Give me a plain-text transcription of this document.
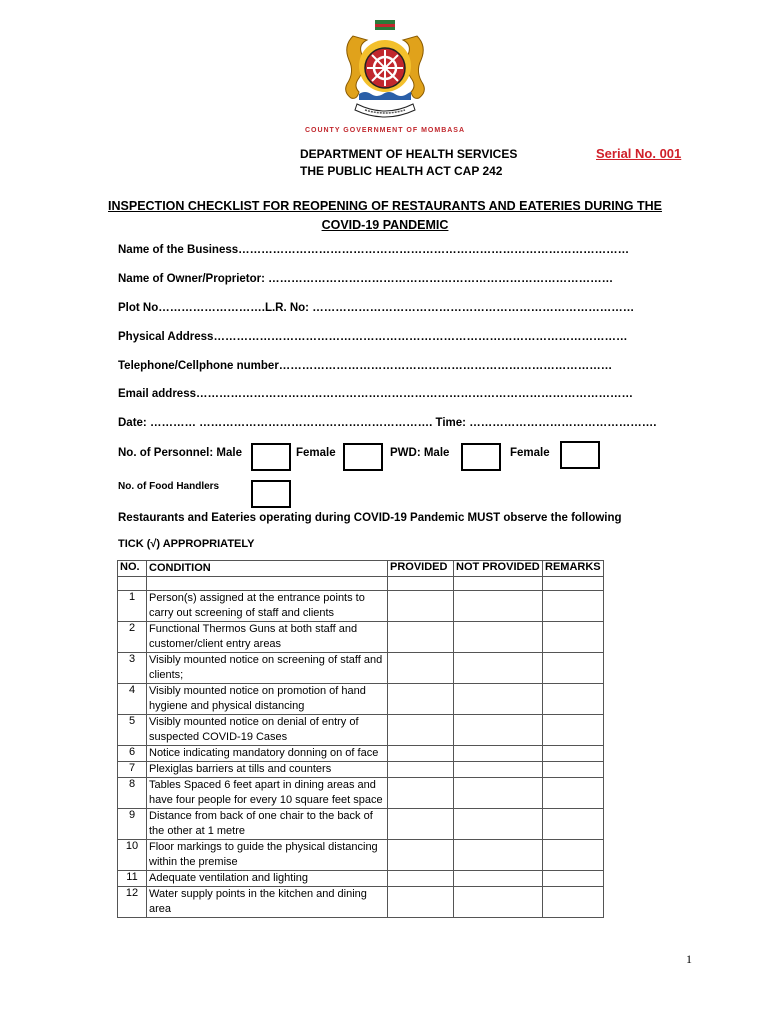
COUNTY GOVERNMENT OF MOMBASA
DEPARTMENT OF HEALTH SERVICES
THE PUBLIC HEALTH ACT CAP 242
Serial No. 001
INSPECTION CHECKLIST FOR REOPENING OF RESTAURANTS AND EATERIES DURING THE
COVID-19 PANDEMIC
Name of the Business…………………………………………………………………………………………
Name of Owner/Proprietor: ………………………………………………………………………………
Plot No……………………….L.R. No: …………………………………………………………………………
Physical Address………………………………………………………………………………………………
Telephone/Cellphone number……………………………………………………………………………
Email address……………………………………………………………………………………………………
Date: ………… ……………………………………………………. Time: ………………………………………….
No. of Personnel: Male	Female	PWD: Male	Female
No. of Food Handlers
Restaurants and Eateries operating during COVID-19 Pandemic MUST observe the following
TICK (√) APPROPRIATELY
NO.	CONDITION	PROVIDED	NOT PROVIDED	REMARKS

1	Person(s) assigned at the entrance points to carry out screening of staff and clients			
2	Functional Thermos Guns at both staff and customer/client entry areas			
3	Visibly mounted notice on screening of staff and clients;			
4	Visibly mounted notice on promotion of hand hygiene and physical distancing			
5	Visibly mounted notice on denial of entry of suspected COVID-19 Cases			
6	Notice indicating mandatory donning on of face			
7	Plexiglas barriers at tills and counters			
8	Tables Spaced 6 feet apart in dining areas and have four people for every 10 square feet space			
9	Distance from back of one chair to the back of the other at 1 metre			
10	Floor markings to guide the physical distancing within the premise			
11	Adequate ventilation and lighting			
12	Water supply points in the kitchen and dining area			
1
